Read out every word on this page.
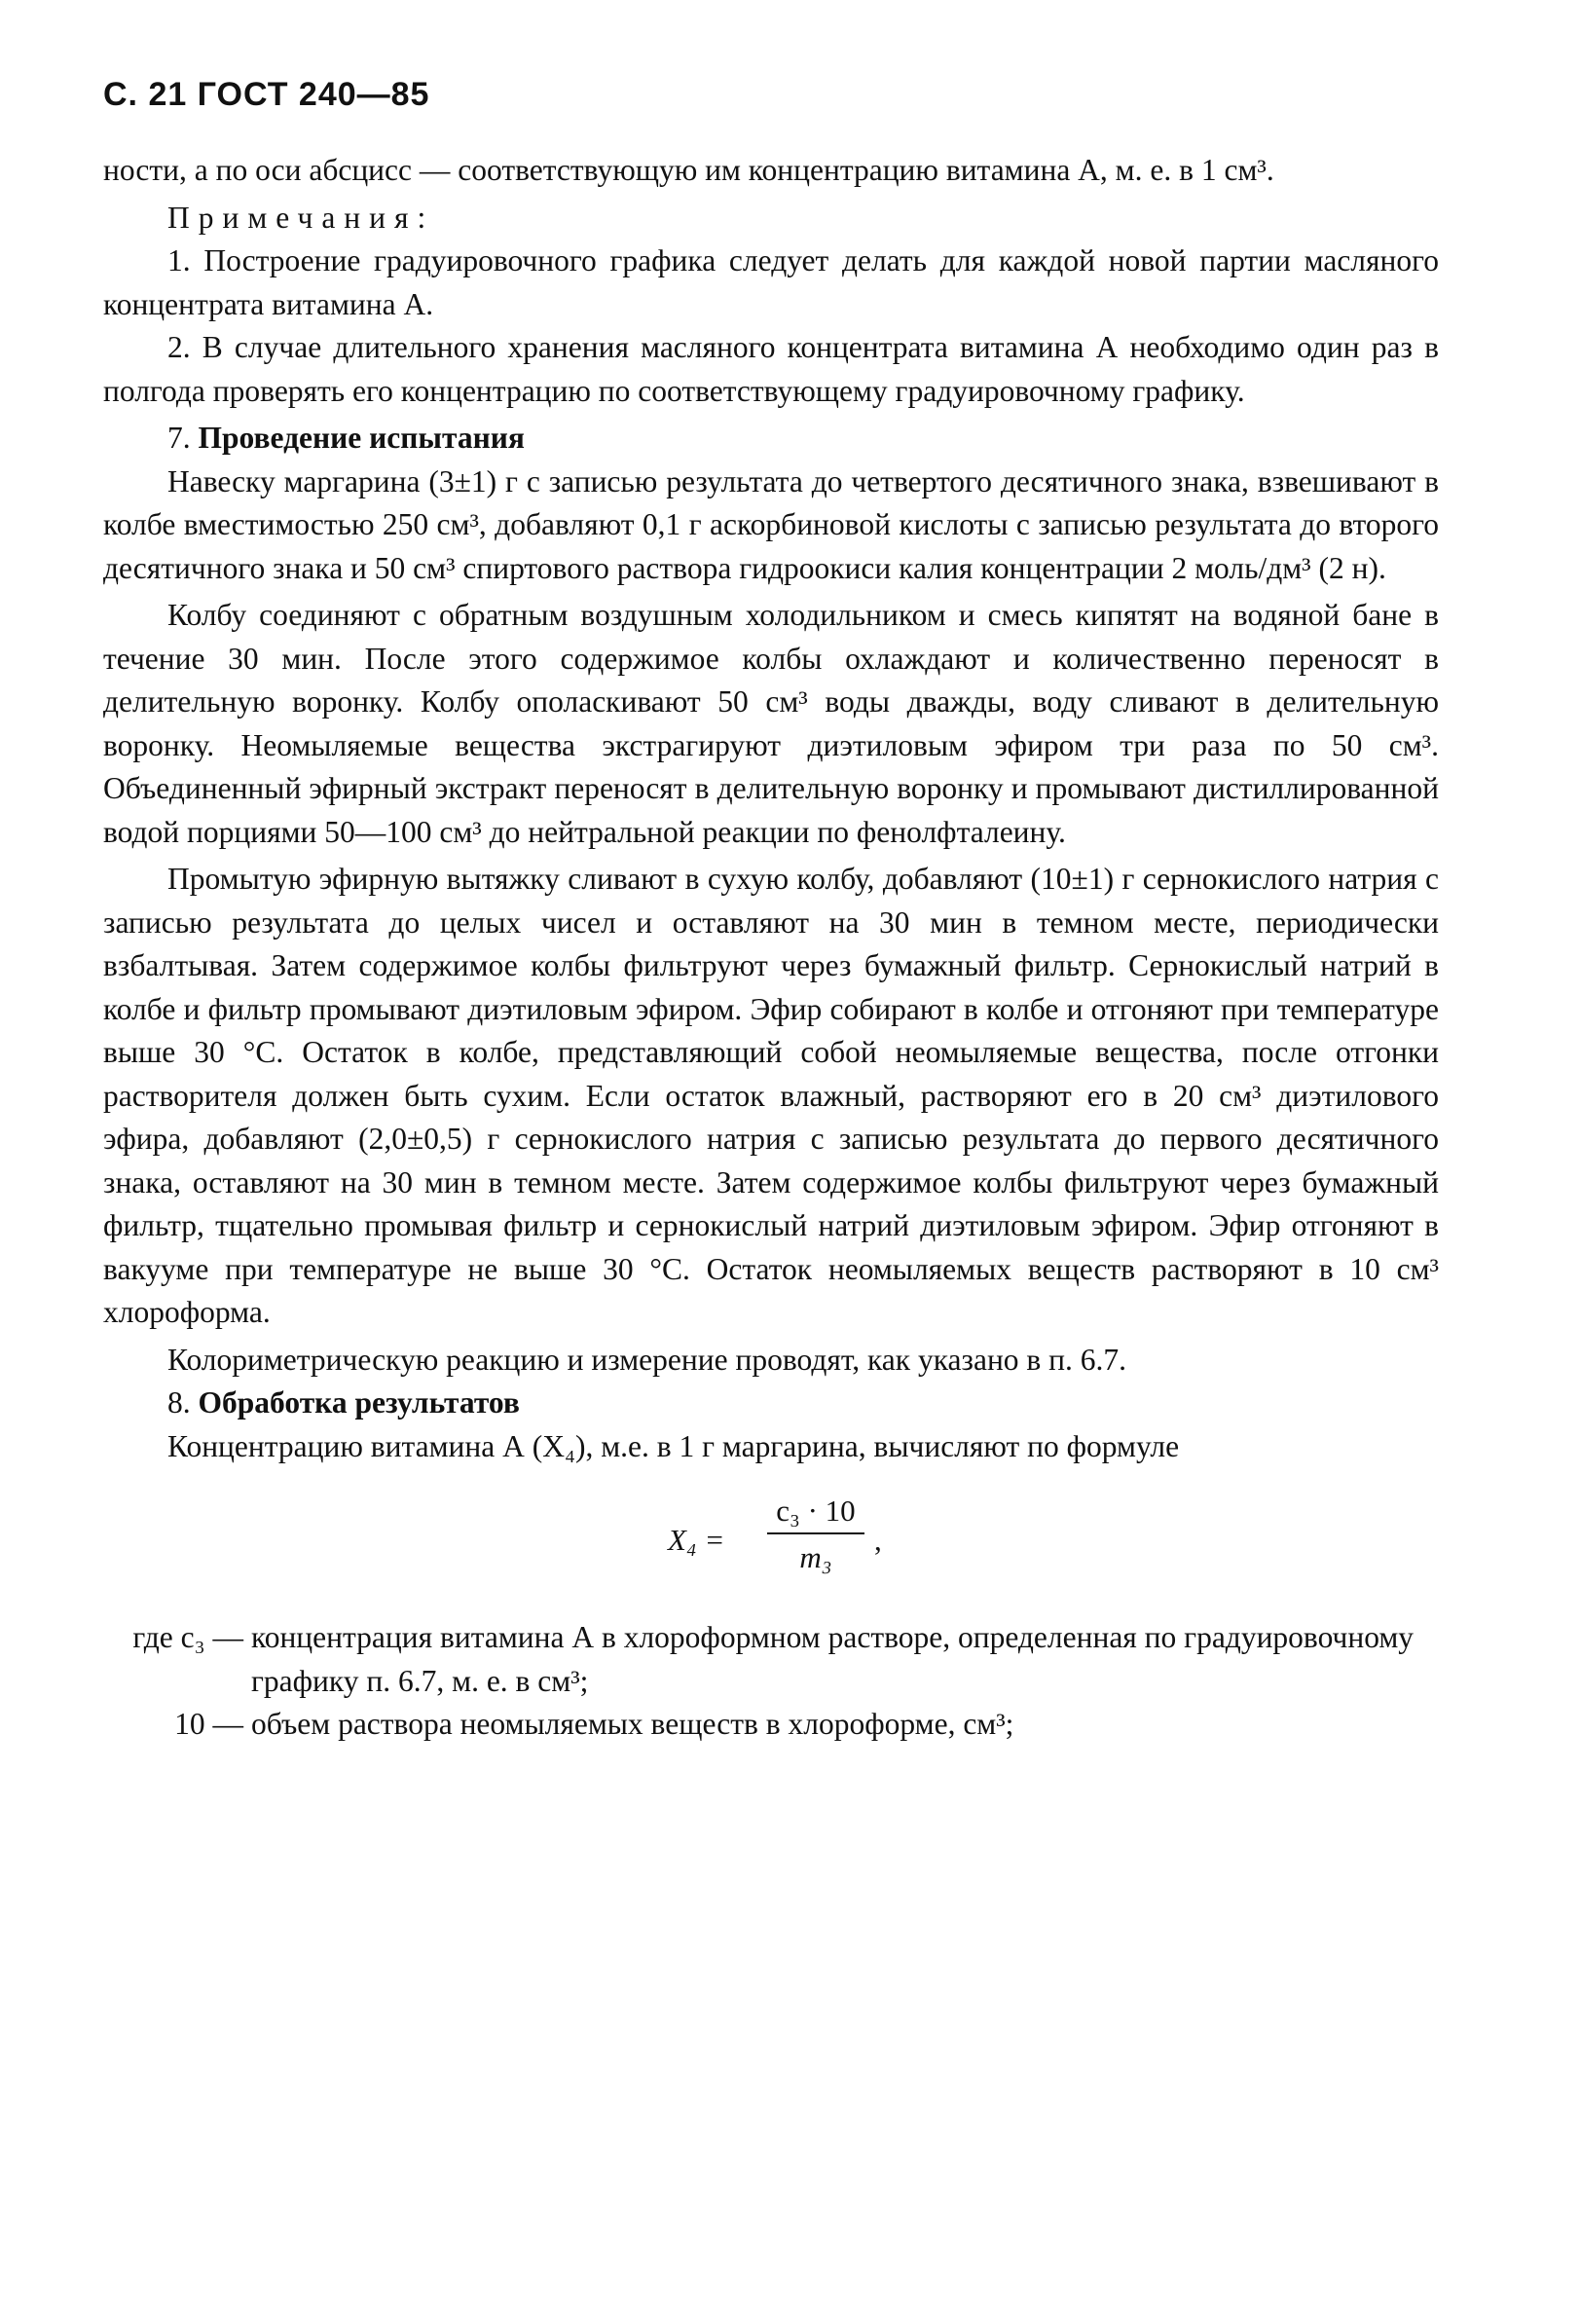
С. 21 ГОСТ 240—85

ности, а по оси абсцисс — соответствующую им концентрацию витамина А, м. е. в 1 см³.

Примечания:

1. Построение градуировочного графика следует делать для каждой новой партии масляного концентрата витамина А.

2. В случае длительного хранения масляного концентрата витамина А необходимо один раз в полгода проверять его концентрацию по соответствующему градуировочному графику.

7. Проведение испытания

Навеску маргарина (3±1) г с записью результата до четвертого десятичного знака, взвешивают в колбе вместимостью 250 см³, добавляют 0,1 г аскорбиновой кислоты с записью результата до второго десятичного знака и 50 см³ спиртового раствора гидроокиси калия концентрации 2 моль/дм³ (2 н).

Колбу соединяют с обратным воздушным холодильником и смесь кипятят на водяной бане в течение 30 мин. После этого содержимое колбы охлаждают и количественно переносят в делительную воронку. Колбу ополаскивают 50 см³ воды дважды, воду сливают в делительную воронку. Неомыляемые вещества экстрагируют диэтиловым эфиром три раза по 50 см³. Объединенный эфирный экстракт переносят в делительную воронку и промывают дистиллированной водой порциями 50—100 см³ до нейтральной реакции по фенолфталеину.

Промытую эфирную вытяжку сливают в сухую колбу, добавляют (10±1) г сернокислого натрия с записью результата до целых чисел и оставляют на 30 мин в темном месте, периодически взбалтывая. Затем содержимое колбы фильтруют через бумажный фильтр. Сернокислый натрий в колбе и фильтр промывают диэтиловым эфиром. Эфир собирают в колбе и отгоняют при температуре выше 30 °С. Остаток в колбе, представляющий собой неомыляемые вещества, после отгонки растворителя должен быть сухим. Если остаток влажный, растворяют его в 20 см³ диэтилового эфира, добавляют (2,0±0,5) г сернокислого натрия с записью результата до первого десятичного знака, оставляют на 30 мин в темном месте. Затем содержимое колбы фильтруют через бумажный фильтр, тщательно промывая фильтр и сернокислый натрий диэтиловым эфиром. Эфир отгоняют в вакууме при температуре не выше 30 °С. Остаток неомыляемых веществ растворяют в 10 см³ хлороформа.

Колориметрическую реакцию и измерение проводят, как указано в п. 6.7.

8. Обработка результатов

Концентрацию витамина А (X₄), м.е. в 1 г маргарина, вычисляют по формуле

X₄ =
c₃ · 10
m₃
,
где c₃ — концентрация витамина А в хлороформном растворе, определенная по градуировочному графику п. 6.7, м. е. в см³;
10 — объем раствора неомыляемых веществ в хлороформе, см³;
